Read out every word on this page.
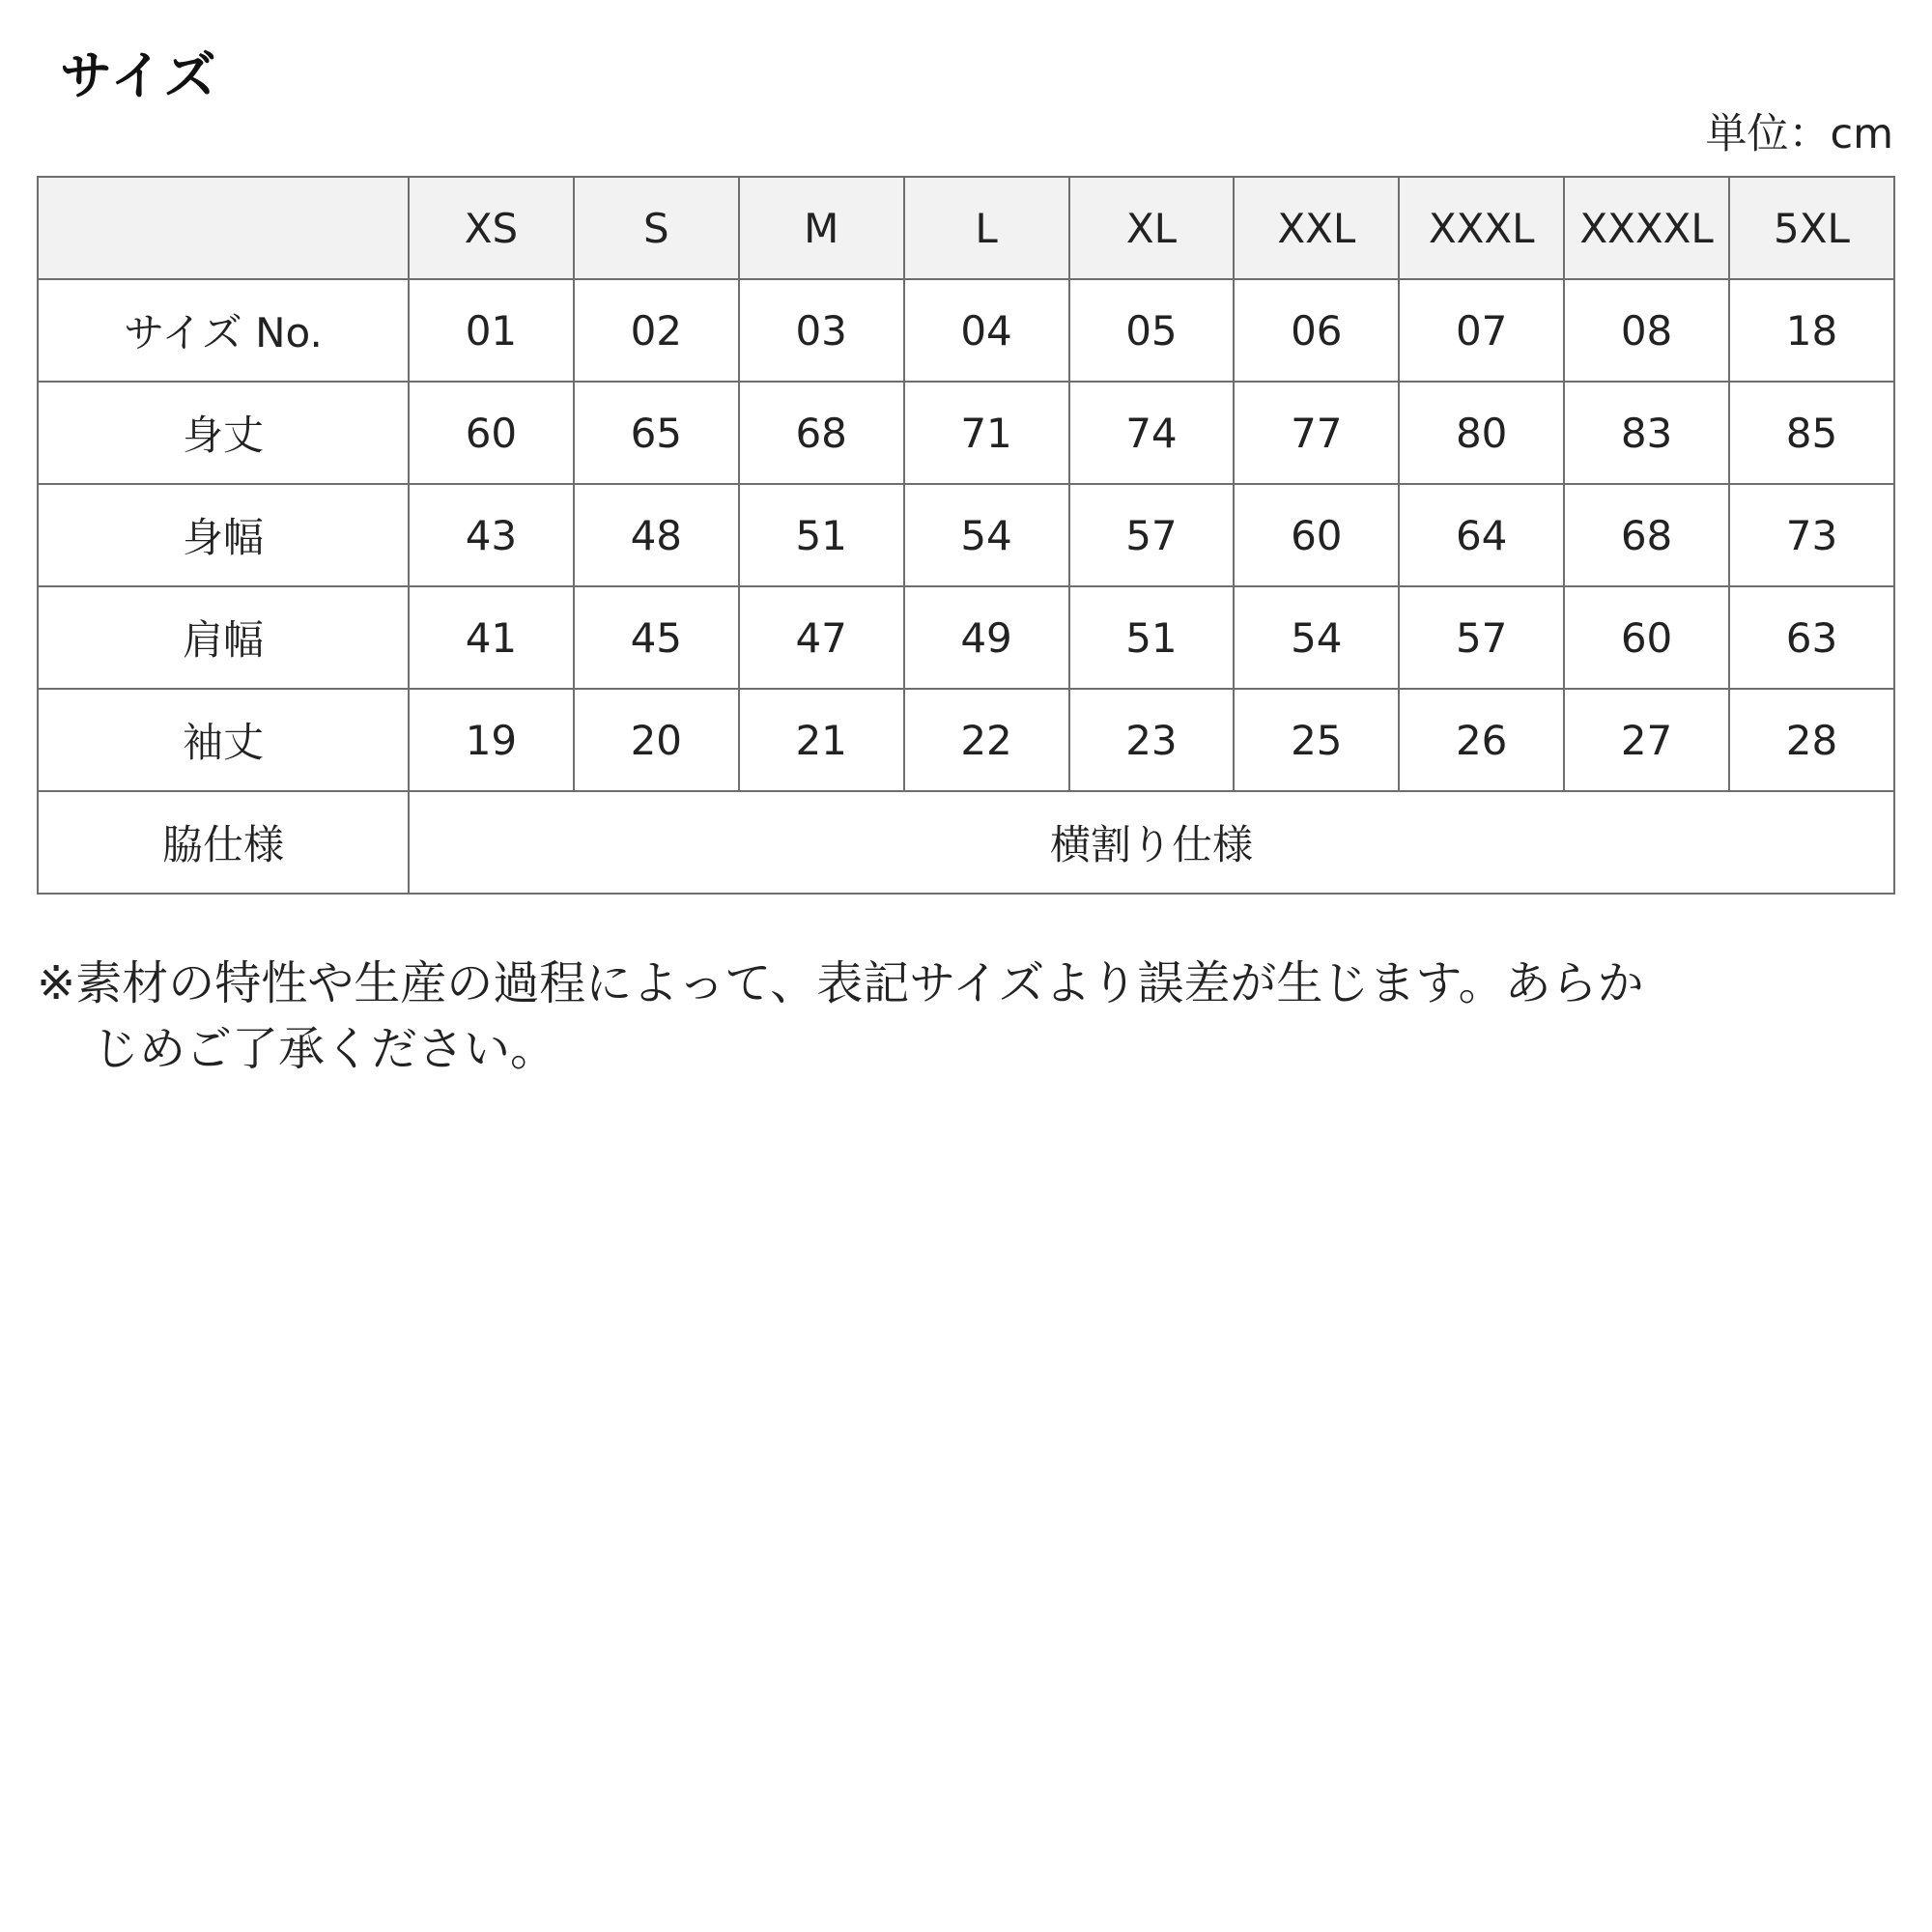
サイズ
単位：cm
	XS	S	M	L	XL	XXL	XXXL	XXXXL	5XL
サイズ No.	01	02	03	04	05	06	07	08	18
身丈	60	65	68	71	74	77	80	83	85
身幅	43	48	51	54	57	60	64	68	73
肩幅	41	45	47	49	51	54	57	60	63
袖丈	19	20	21	22	23	25	26	27	28
脇仕様	横割り仕様								
※素材の特性や生産の過程によって、表記サイズより誤差が生じます。あらか
じめご了承ください。
